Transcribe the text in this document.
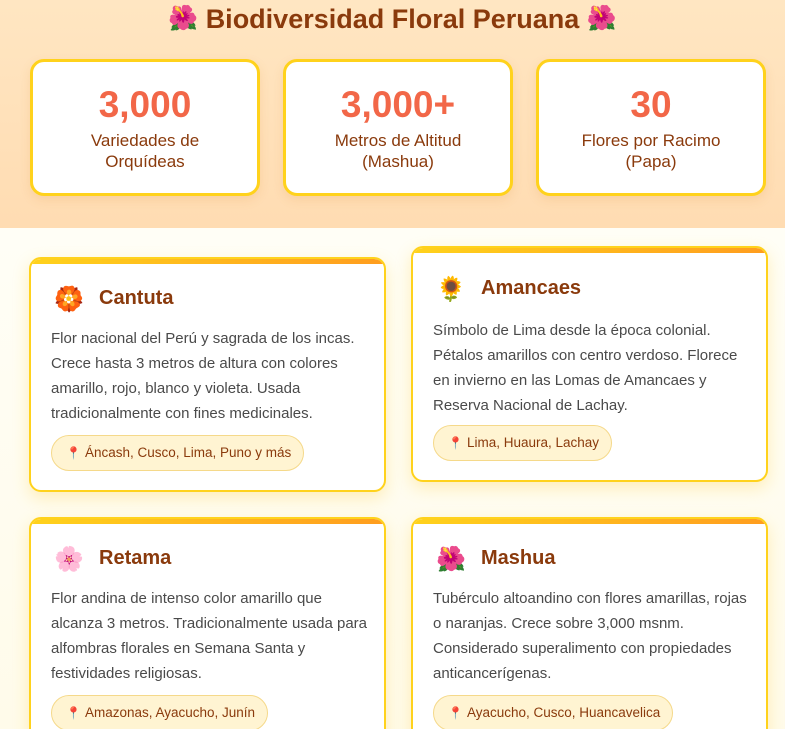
🌺 Biodiversidad Floral Peruana 🌺
3,000
Variedades de Orquídeas
3,000+
Metros de Altitud (Mashua)
30
Flores por Racimo (Papa)
🏵️ Cantuta
Flor nacional del Perú y sagrada de los incas. Crece hasta 3 metros de altura con colores amarillo, rojo, blanco y violeta. Usada tradicionalmente con fines medicinales.
📍 Áncash, Cusco, Lima, Puno y más
🌻 Amancaes
Símbolo de Lima desde la época colonial. Pétalos amarillos con centro verdoso. Florece en invierno en las Lomas de Amancaes y Reserva Nacional de Lachay.
📍 Lima, Huaura, Lachay
🌸 Retama
Flor andina de intenso color amarillo que alcanza 3 metros. Tradicionalmente usada para alfombras florales en Semana Santa y festividades religiosas.
📍 Amazonas, Ayacucho, Junín
🌺 Mashua
Tubérculo altoandino con flores amarillas, rojas o naranjas. Crece sobre 3,000 msnm. Considerado superalimento con propiedades anticancerígenas.
📍 Ayacucho, Cusco, Huancavelica
